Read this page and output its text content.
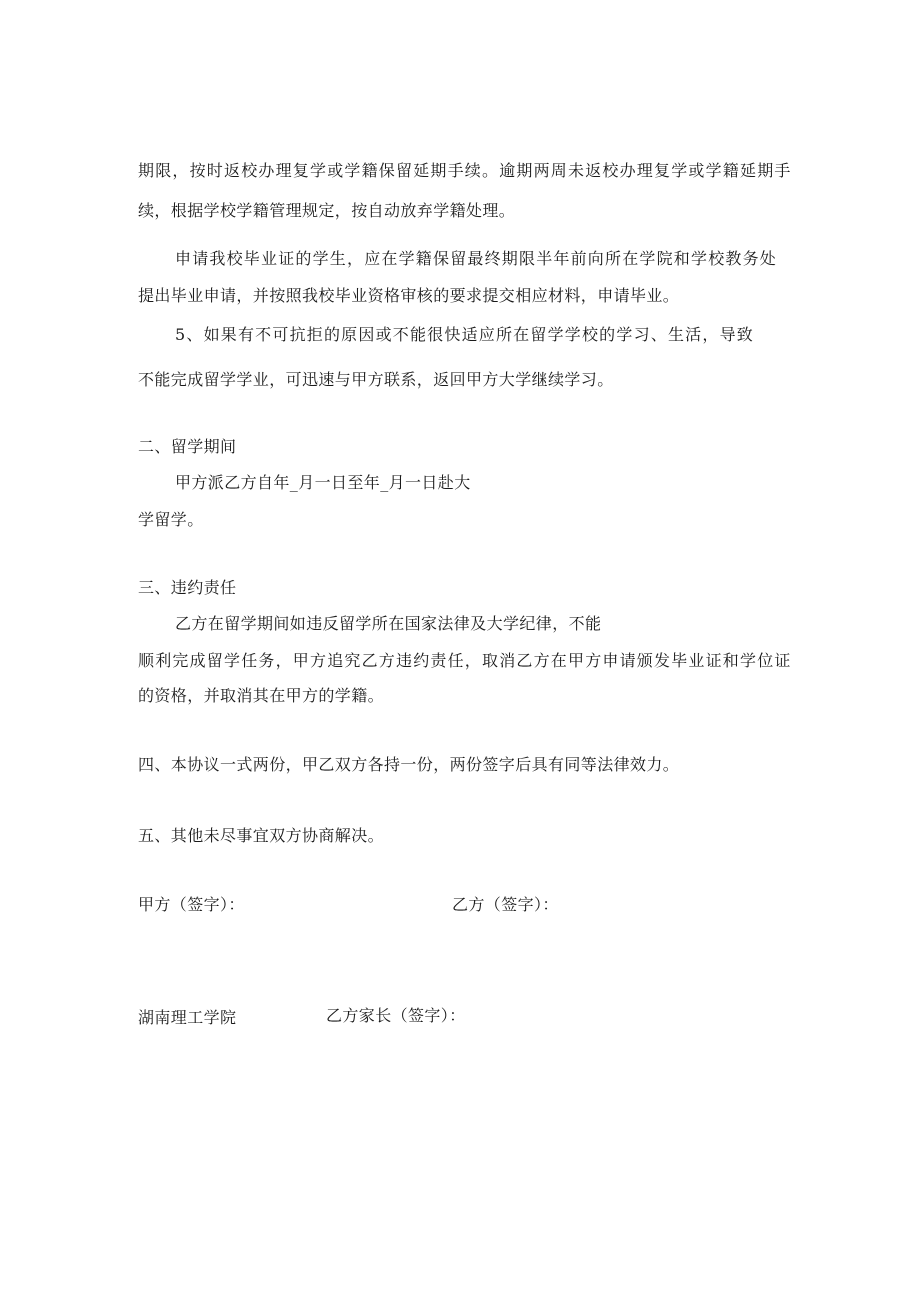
期限，按时返校办理复学或学籍保留延期手续。逾期两周未返校办理复学或学籍延期手
续，根据学校学籍管理规定，按自动放弃学籍处理。
申请我校毕业证的学生，应在学籍保留最终期限半年前向所在学院和学校教务处
提出毕业申请，并按照我校毕业资格审核的要求提交相应材料，申请毕业。
5、如果有不可抗拒的原因或不能很快适应所在留学学校的学习、生活，导致
不能完成留学学业，可迅速与甲方联系，返回甲方大学继续学习。
二、留学期间
甲方派乙方自年_月一日至年_月一日赴大
学留学。
三、违约责任
乙方在留学期间如违反留学所在国家法律及大学纪律，不能
顺利完成留学任务，甲方追究乙方违约责任，取消乙方在甲方申请颁发毕业证和学位证
的资格，并取消其在甲方的学籍。
四、本协议一式两份，甲乙双方各持一份，两份签字后具有同等法律效力。
五、其他未尽事宜双方协商解决。
甲方（签字）：	乙方（签字）：
湖南理工学院	乙方家长（签字）：
